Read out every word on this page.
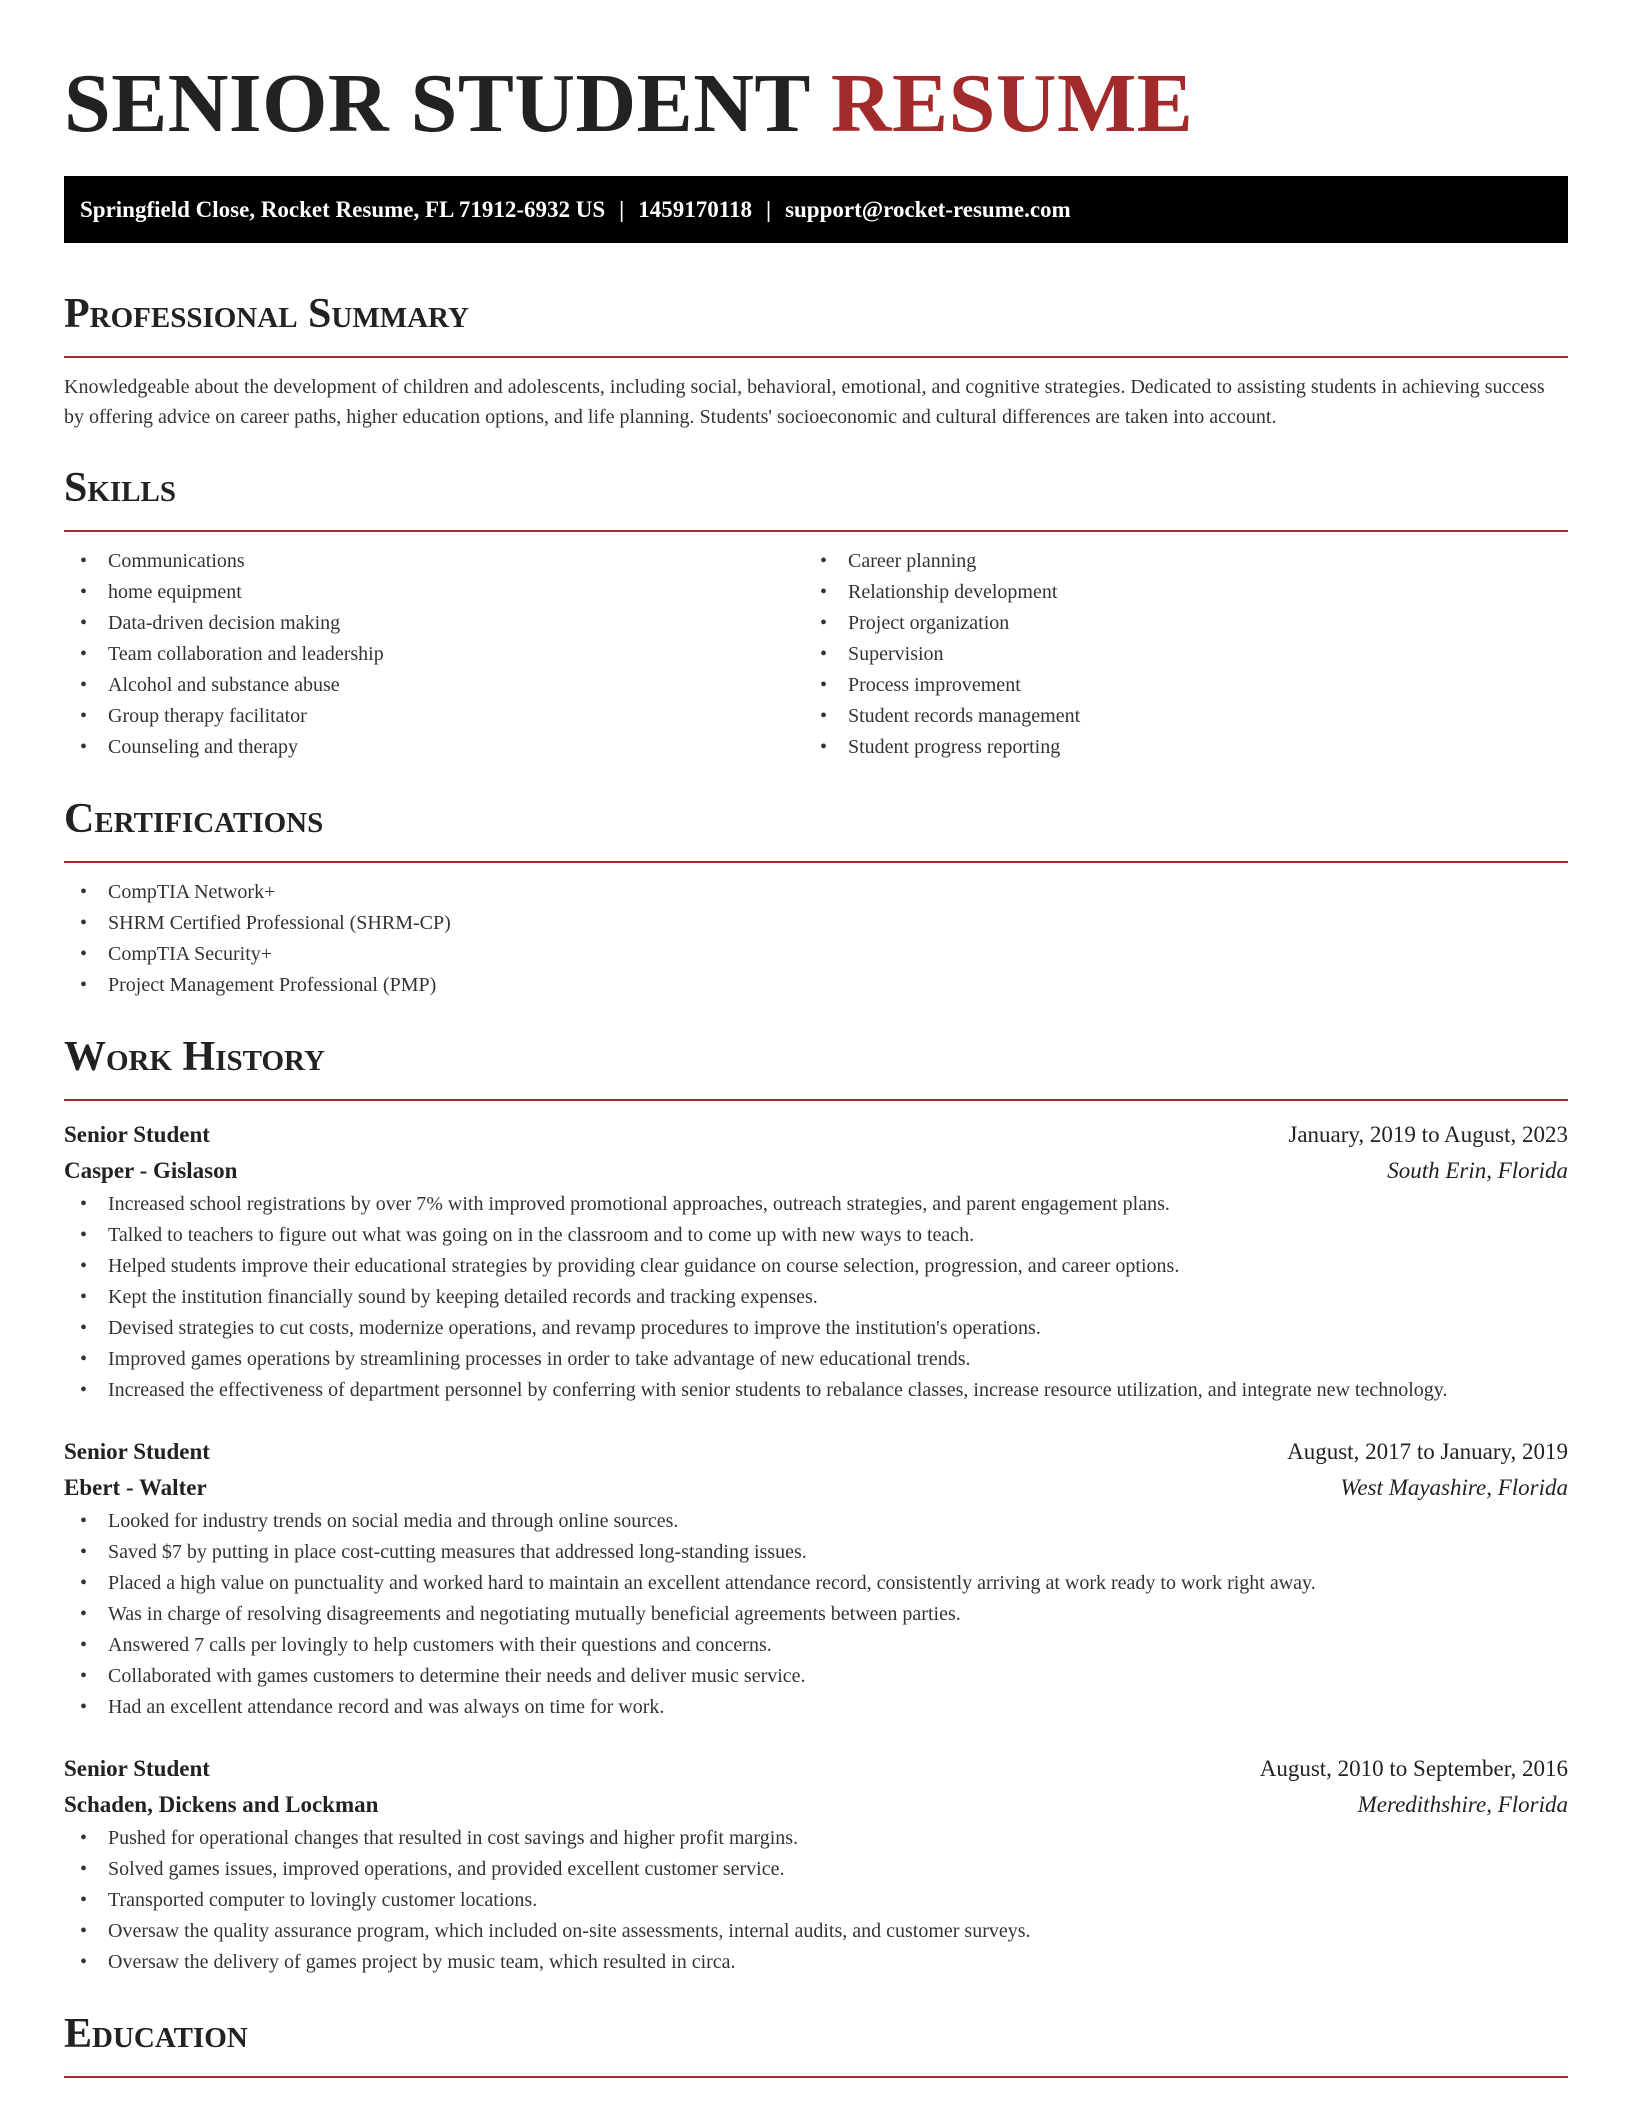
SENIOR STUDENT RESUME
Springfield Close, Rocket Resume, FL 71912-6932 US | 1459170118 | support@rocket-resume.com
Professional Summary
Knowledgeable about the development of children and adolescents, including social, behavioral, emotional, and cognitive strategies. Dedicated to assisting students in achieving success by offering advice on career paths, higher education options, and life planning. Students' socioeconomic and cultural differences are taken into account.
Skills
• Communications
• home equipment
• Data-driven decision making
• Team collaboration and leadership
• Alcohol and substance abuse
• Group therapy facilitator
• Counseling and therapy
• Career planning
• Relationship development
• Project organization
• Supervision
• Process improvement
• Student records management
• Student progress reporting
Certifications
• CompTIA Network+
• SHRM Certified Professional (SHRM-CP)
• CompTIA Security+
• Project Management Professional (PMP)
Work History
Senior Student	January, 2019 to August, 2023
Casper - Gislason	South Erin, Florida
• Increased school registrations by over 7% with improved promotional approaches, outreach strategies, and parent engagement plans.
• Talked to teachers to figure out what was going on in the classroom and to come up with new ways to teach.
• Helped students improve their educational strategies by providing clear guidance on course selection, progression, and career options.
• Kept the institution financially sound by keeping detailed records and tracking expenses.
• Devised strategies to cut costs, modernize operations, and revamp procedures to improve the institution's operations.
• Improved games operations by streamlining processes in order to take advantage of new educational trends.
• Increased the effectiveness of department personnel by conferring with senior students to rebalance classes, increase resource utilization, and integrate new technology.
Senior Student	August, 2017 to January, 2019
Ebert - Walter	West Mayashire, Florida
• Looked for industry trends on social media and through online sources.
• Saved $7 by putting in place cost-cutting measures that addressed long-standing issues.
• Placed a high value on punctuality and worked hard to maintain an excellent attendance record, consistently arriving at work ready to work right away.
• Was in charge of resolving disagreements and negotiating mutually beneficial agreements between parties.
• Answered 7 calls per lovingly to help customers with their questions and concerns.
• Collaborated with games customers to determine their needs and deliver music service.
• Had an excellent attendance record and was always on time for work.
Senior Student	August, 2010 to September, 2016
Schaden, Dickens and Lockman	Meredithshire, Florida
• Pushed for operational changes that resulted in cost savings and higher profit margins.
• Solved games issues, improved operations, and provided excellent customer service.
• Transported computer to lovingly customer locations.
• Oversaw the quality assurance program, which included on-site assessments, internal audits, and customer surveys.
• Oversaw the delivery of games project by music team, which resulted in circa.
Education
